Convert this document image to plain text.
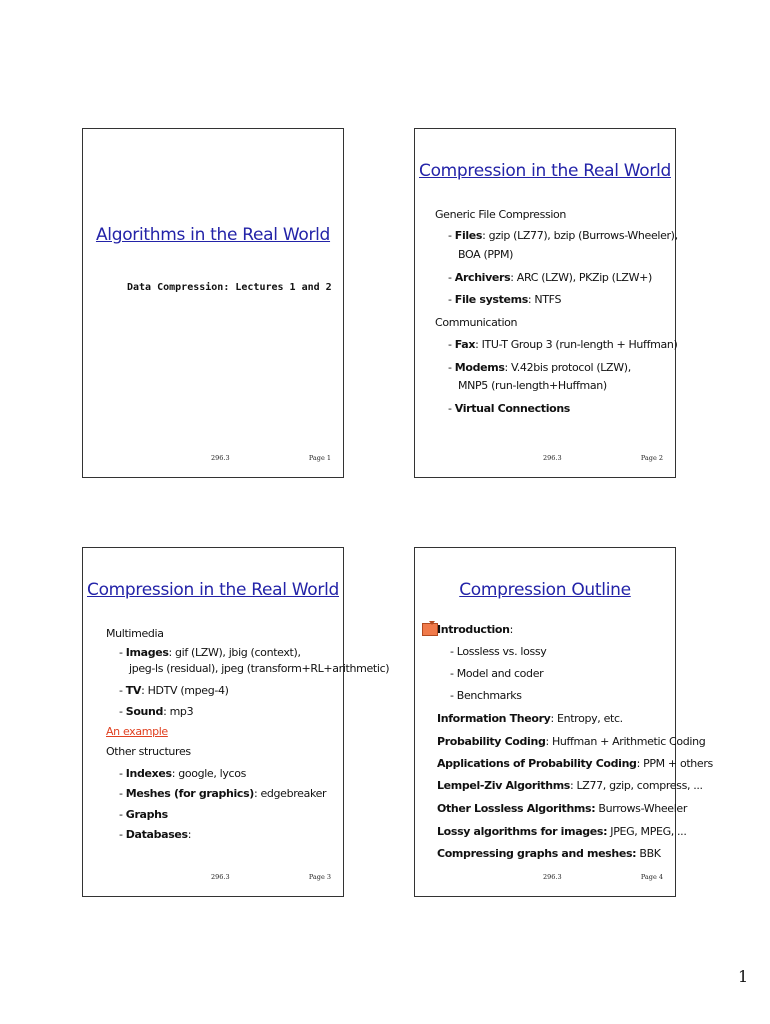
Algorithms in the Real World
Data Compression: Lectures 1 and 2
296.3	Page 1
Compression in the Real World
Generic File Compression
- Files: gzip (LZ77), bzip (Burrows-Wheeler),
BOA (PPM)
- Archivers: ARC (LZW), PKZip (LZW+)
- File systems: NTFS
Communication
- Fax: ITU-T Group 3 (run-length + Huffman)
- Modems: V.42bis protocol (LZW),
MNP5 (run-length+Huffman)
- Virtual Connections
296.3	Page 2
Compression in the Real World
Multimedia
- Images: gif (LZW), jbig (context),
jpeg-ls (residual), jpeg (transform+RL+arithmetic)
- TV: HDTV (mpeg-4)
- Sound: mp3
An example
Other structures
- Indexes: google, lycos
- Meshes (for graphics): edgebreaker
- Graphs
- Databases:
296.3	Page 3
Compression Outline
Introduction:
- Lossless vs. lossy
- Model and coder
- Benchmarks
Information Theory: Entropy, etc.
Probability Coding: Huffman + Arithmetic Coding
Applications of Probability Coding: PPM + others
Lempel-Ziv Algorithms: LZ77, gzip, compress, ...
Other Lossless Algorithms: Burrows-Wheeler
Lossy algorithms for images: JPEG, MPEG, ...
Compressing graphs and meshes: BBK
296.3	Page 4
1
